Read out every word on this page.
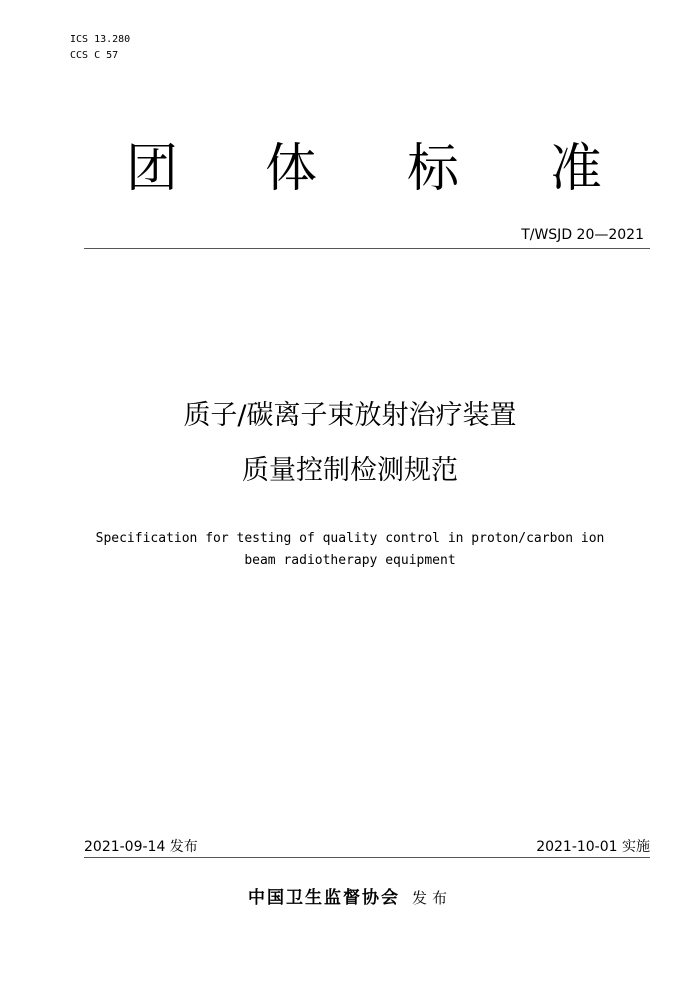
ICS 13.280
CCS C 57
团 体 标 准
T/WSJD 20—2021
质子/碳离子束放射治疗装置
质量控制检测规范
Specification for testing of quality control in proton/carbon ion
beam radiotherapy equipment
2021-09-14 发布	2021-10-01 实施
中国卫生监督协会 发布
